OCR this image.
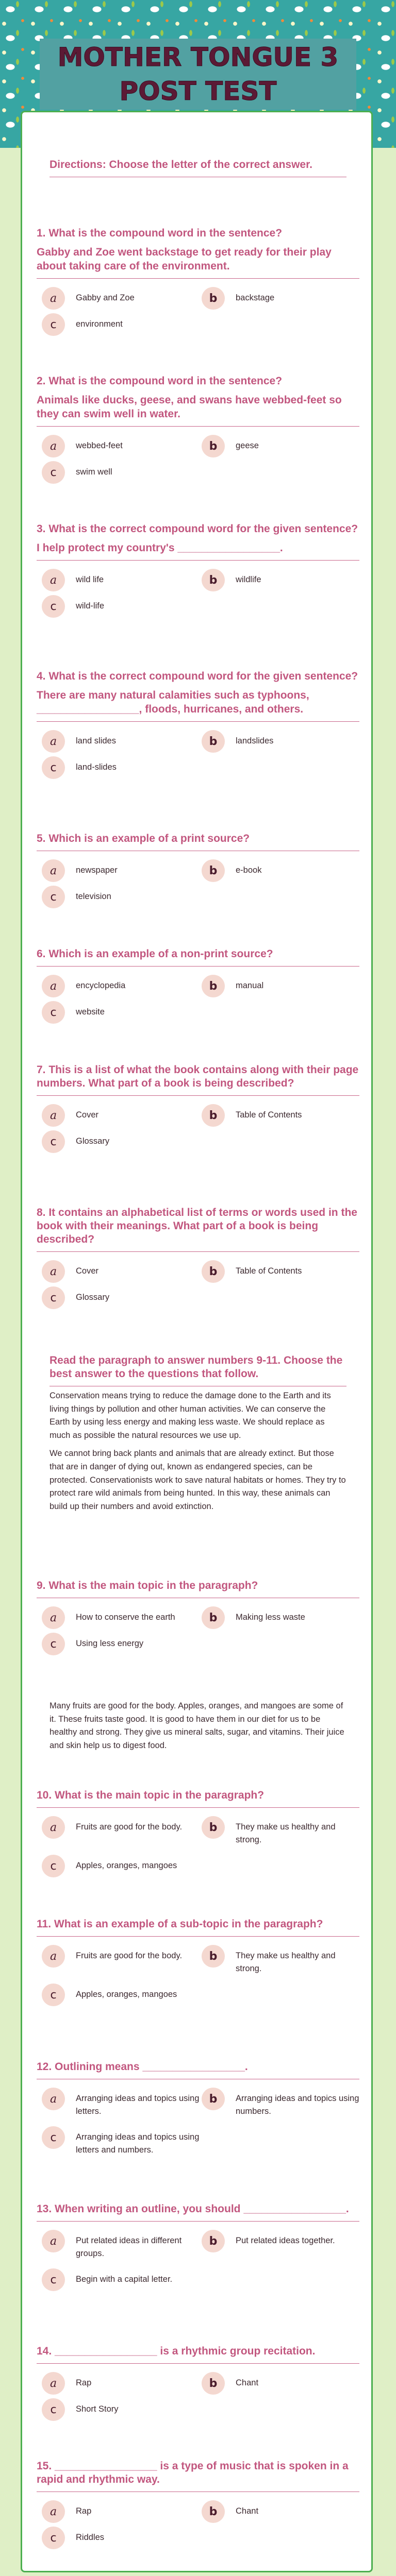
MOTHER TONGUE 3 POST TEST

Directions: Choose the letter of the correct answer.

1. What is the compound word in the sentence?

Gabby and Zoe went backstage to get ready for their play about taking care of the environment.

a	Gabby and Zoe	b	backstage
c	environment

2. What is the compound word in the sentence?

Animals like ducks, geese, and swans have webbed-feet so they can swim well in water.

a	webbed-feet	b	geese
c	swim well

3. What is the correct compound word for the given sentence?

I help protect my country's _________________.

a	wild life	b	wildlife
c	wild-life

4. What is the correct compound word for the given sentence?

There are many natural calamities such as typhoons, _________________, floods, hurricanes, and others.

a	land slides	b	landslides
c	land-slides

5. Which is an example of a print source?

a	newspaper	b	e-book
c	television

6. Which is an example of a non-print source?

a	encyclopedia	b	manual
c	website

7. This is a list of what the book contains along with their page numbers. What part of a book is being described?

a	Cover	b	Table of Contents
c	Glossary

8. It contains an alphabetical list of terms or words used in the book with their meanings. What part of a book is being described?

a	Cover	b	Table of Contents
c	Glossary

9. What is the main topic in the paragraph?

a	How to conserve the earth	b	Making less waste
c	Using less energy

10. What is the main topic in the paragraph?

a	Fruits are good for the body.	b	They make us healthy and strong.
c	Apples, oranges, mangoes

11. What is an example of a sub-topic in the paragraph?

a	Fruits are good for the body.	b	They make us healthy and strong.
c	Apples, oranges, mangoes

12. Outlining means _________________.

a	Arranging ideas and topics using letters.
b	Arranging ideas and topics using numbers.
c	Arranging ideas and topics using letters and numbers.

13. When writing an outline, you should _________________.

a	Put related ideas in different groups.
b	Put related ideas together.
c	Begin with a capital letter.

14. _________________ is a rhythmic group recitation.

a	Rap	b	Chant
c	Short Story

15. _________________ is a type of music that is spoken in a rapid and rhythmic way.

a	Rap	b	Chant
c	Riddles

Read the paragraph to answer numbers 9-11. Choose the best answer to the questions that follow.

Conservation means trying to reduce the damage done to the Earth and its living things by pollution and other human activities. We can conserve the Earth by using less energy and making less waste. We should replace as much as possible the natural resources we use up.

We cannot bring back plants and animals that are already extinct. But those that are in danger of dying out, known as endangered species, can be protected. Conservationists work to save natural habitats or homes. They try to protect rare wild animals from being hunted. In this way, these animals can build up their numbers and avoid extinction.

Many fruits are good for the body. Apples, oranges, and mangoes are some of it. These fruits taste good. It is good to have them in our diet for us to be healthy and strong. They give us mineral salts, sugar, and vitamins. Their juice and skin help us to digest food.
